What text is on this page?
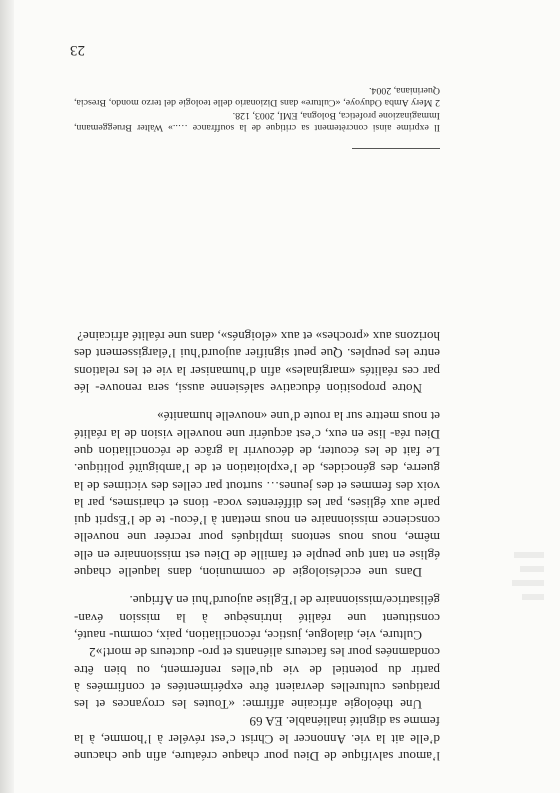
23

l’amour salvifique de Dieu pour chaque créature, afin que chacune d’elle ait la vie. Annoncer le Christ c’est révéler à l’homme, à la femme sa dignité inaliénable. EA 69

Une théologie africaine affirme: «Toutes les croyances et les pratiques culturelles devraient être expérimentées et confirmées à partir du potentiel de vie qu’elles renferment, ou bien être condamnées pour les facteurs aliénants et pro- ducteurs de mort!»2

Culture, vie, dialogue, justice, réconciliation, paix, commu- nauté, constituent une réalité intrinsèque à la mission évan- gélisatrice/missionnaire de l’Eglise aujourd’hui en Afrique.

Dans une ecclésiologie de communion, dans laquelle chaque église en tant que peuple et famille de Dieu est missionnaire en elle même, nous nous sentons impliqués pour recréer une nouvelle conscience missionnaire en nous mettant à l’écou- te de l’Esprit qui parle aux églises, par les différentes voca- tions et charismes, par la voix des femmes et des jeunes… surtout par celles des victimes de la guerre, des génocides, de l’exploitation et de l’ambiguïté politique. Le fait de les écouter, de découvrir la grâce de réconciliation que Dieu réa- lise en eux, c’est acquérir une nouvelle vision de la réalité et nous mettre sur la route d’une «nouvelle humanité»

Notre proposition éducative salésienne aussi, sera renouve- lée par ces réalités «marginales» afin d’humaniser la vie et les relations entre les peuples. Que peut signifier aujourd’hui l’élargissement des horizons aux «proches» et aux «éloignés», dans une réalité africaine?

Il exprime ainsi concrètement sa critique de la souffrance …..» Walter Brueggemann, Immaginazione profetica, Bologna, EMI, 2003, 128.

2 Mery Amba Oduyoye, «Culture» dans Dizionario delle teologie del terzo mondo, Brescia, Queriniana, 2004.
